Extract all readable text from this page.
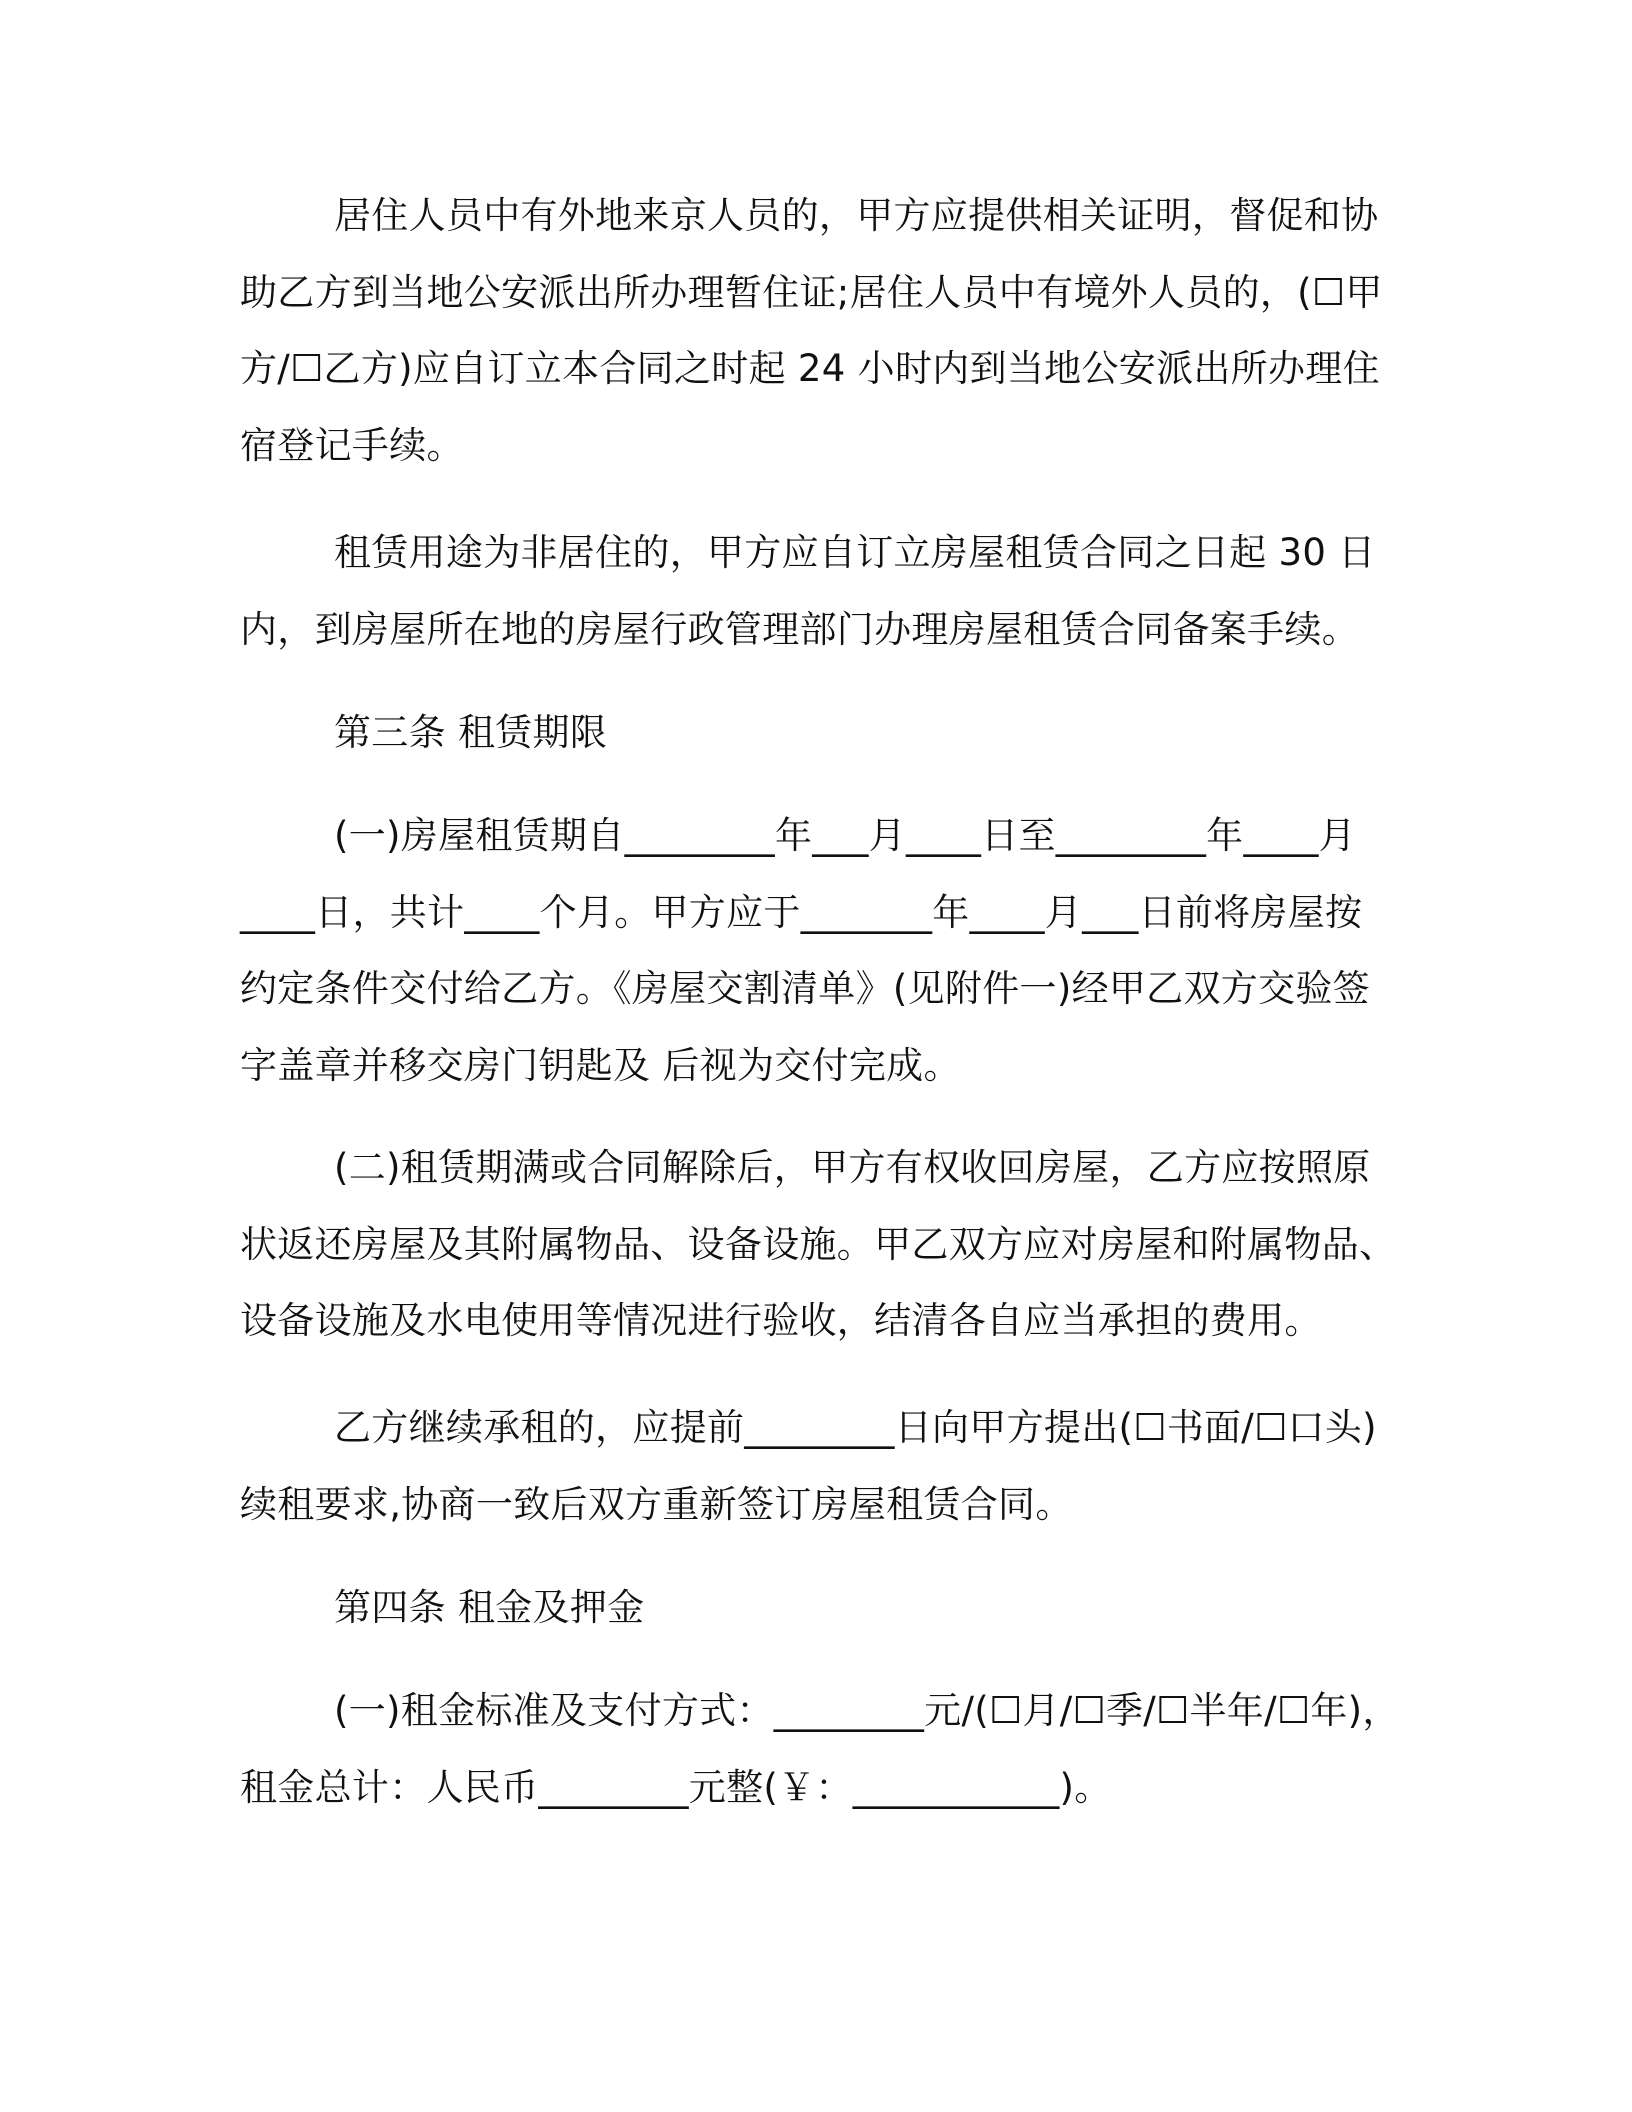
居住人员中有外地来京人员的，甲方应提供相关证明，督促和协
助乙方到当地公安派出所办理暂住证;居住人员中有境外人员的，(☐甲
方/☐乙方)应自订立本合同之时起 24 小时内到当地公安派出所办理住
宿登记手续。
租赁用途为非居住的，甲方应自订立房屋租赁合同之日起 30 日
内，到房屋所在地的房屋行政管理部门办理房屋租赁合同备案手续。
第三条 租赁期限
(一)房屋租赁期自________年___月____日至________年____月
____日，共计____个月。甲方应于_______年____月___日前将房屋按
约定条件交付给乙方。《房屋交割清单》(见附件一)经甲乙双方交验签
字盖章并移交房门钥匙及 后视为交付完成。
(二)租赁期满或合同解除后，甲方有权收回房屋，乙方应按照原
状返还房屋及其附属物品、设备设施。甲乙双方应对房屋和附属物品、
设备设施及水电使用等情况进行验收，结清各自应当承担的费用。
乙方继续承租的，应提前________日向甲方提出(☐书面/☐口头)
续租要求,协商一致后双方重新签订房屋租赁合同。
第四条 租金及押金
(一)租金标准及支付方式：________元/(☐月/☐季/☐半年/☐年)，
租金总计：人民币________元整(￥：___________)。
